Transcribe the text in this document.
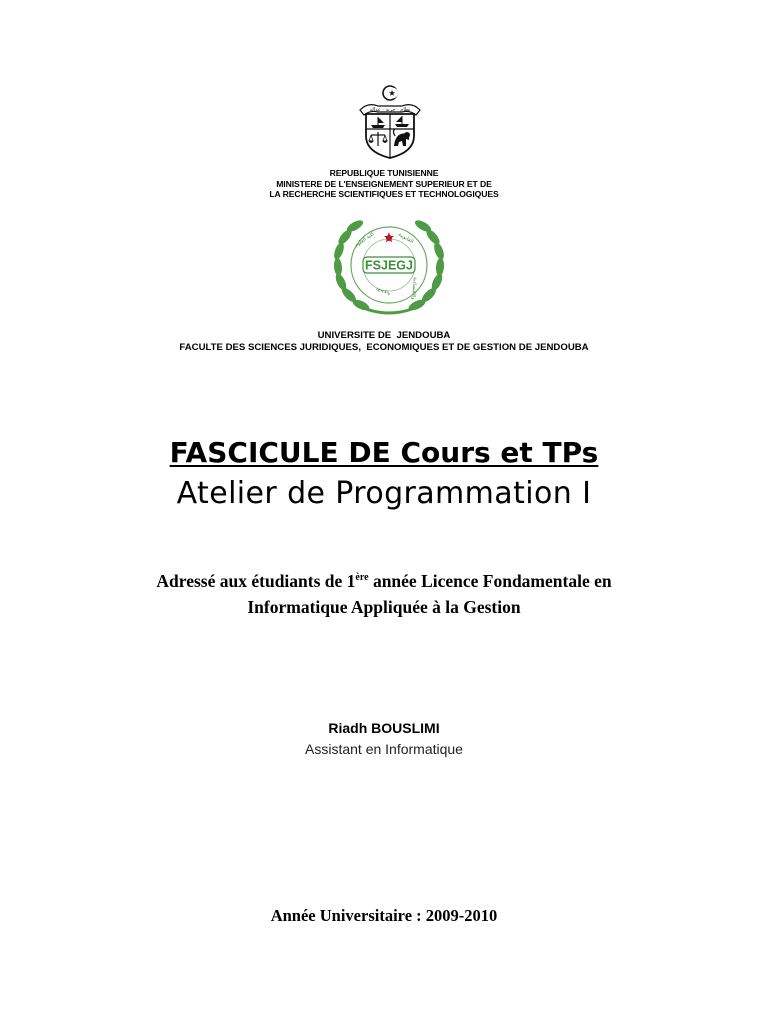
نظام · حرية · عدالة
REPUBLIQUE TUNISIENNE
MINISTERE DE L'ENSEIGNEMENT SUPERIEUR ET DE
LA RECHERCHE SCIENTIFIQUES ET TECHNOLOGIQUES
ﻛﻠﻴﺔ ﺍﻟﻌﻠﻮﻡ	ﺍﻟﻘﺎﻧﻮﻧﻴﺔ
ﻭﺍﻻﻗﺘﺼﺎﺩﻳﺔ
ﺑﺠﻨﺪﻭﺑﺔ
FSJEGJ
UNIVERSITE DE  JENDOUBA
FACULTE DES SCIENCES JURIDIQUES,  ECONOMIQUES ET DE GESTION DE JENDOUBA
FASCICULE DE Cours et TPs
Atelier de Programmation I
Adressé aux étudiants de 1ère année Licence Fondamentale en
Informatique Appliquée à la Gestion
Riadh BOUSLIMI
Assistant en Informatique
Année Universitaire : 2009-2010
